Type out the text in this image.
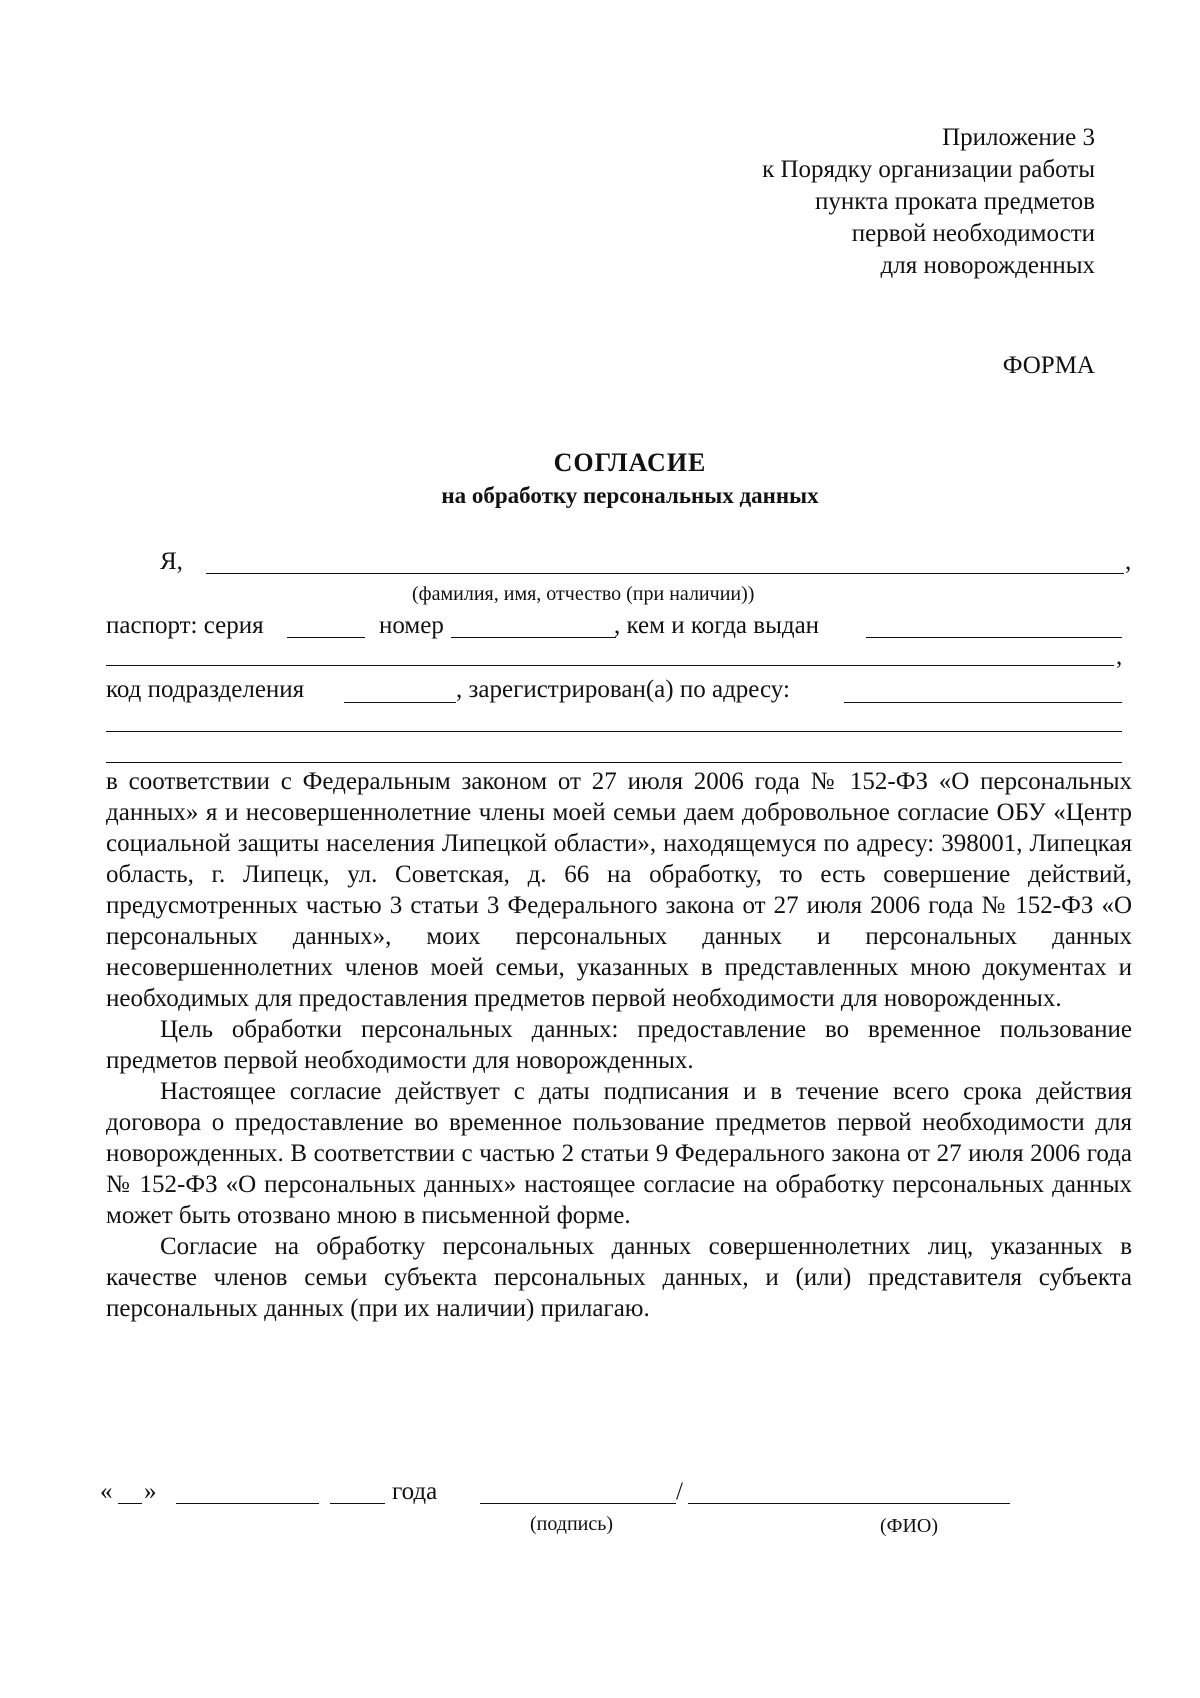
Приложение 3
к Порядку организации работы
пункта проката предметов
первой необходимости
для новорожденных
ФОРМА
СОГЛАСИЕ
на обработку персональных данных
Я,	,
(фамилия, имя, отчество (при наличии))
паспорт: серия	номер	, кем и когда выдан
,
код подразделения	, зарегистрирован(а) по адресу:

в соответствии с Федеральным законом от 27 июля 2006 года № 152-ФЗ «О персональных данных» я и несовершеннолетние члены моей семьи даем добровольное согласие ОБУ «Центр социальной защиты населения Липецкой области», находящемуся по адресу: 398001, Липецкая область, г. Липецк, ул. Советская, д. 66 на обработку, то есть совершение действий, предусмотренных частью 3 статьи 3 Федерального закона от 27 июля 2006 года № 152-ФЗ «О персональных данных», моих персональных данных и персональных данных несовершеннолетних членов моей семьи, указанных в представленных мною документах и необходимых для предоставления предметов первой необходимости для новорожденных.

Цель обработки персональных данных: предоставление во временное пользование предметов первой необходимости для новорожденных.

Настоящее согласие действует с даты подписания и в течение всего срока действия договора о предоставление во временное пользование предметов первой необходимости для новорожденных. В соответствии с частью 2 статьи 9 Федерального закона от 27 июля 2006 года № 152-ФЗ «О персональных данных» настоящее согласие на обработку персональных данных может быть отозвано мною в письменной форме.

Согласие на обработку персональных данных совершеннолетних лиц, указанных в качестве членов семьи субъекта персональных данных, и (или) представителя субъекта персональных данных (при их наличии) прилагаю.

« »	года	/
(подпись)	(ФИО)
